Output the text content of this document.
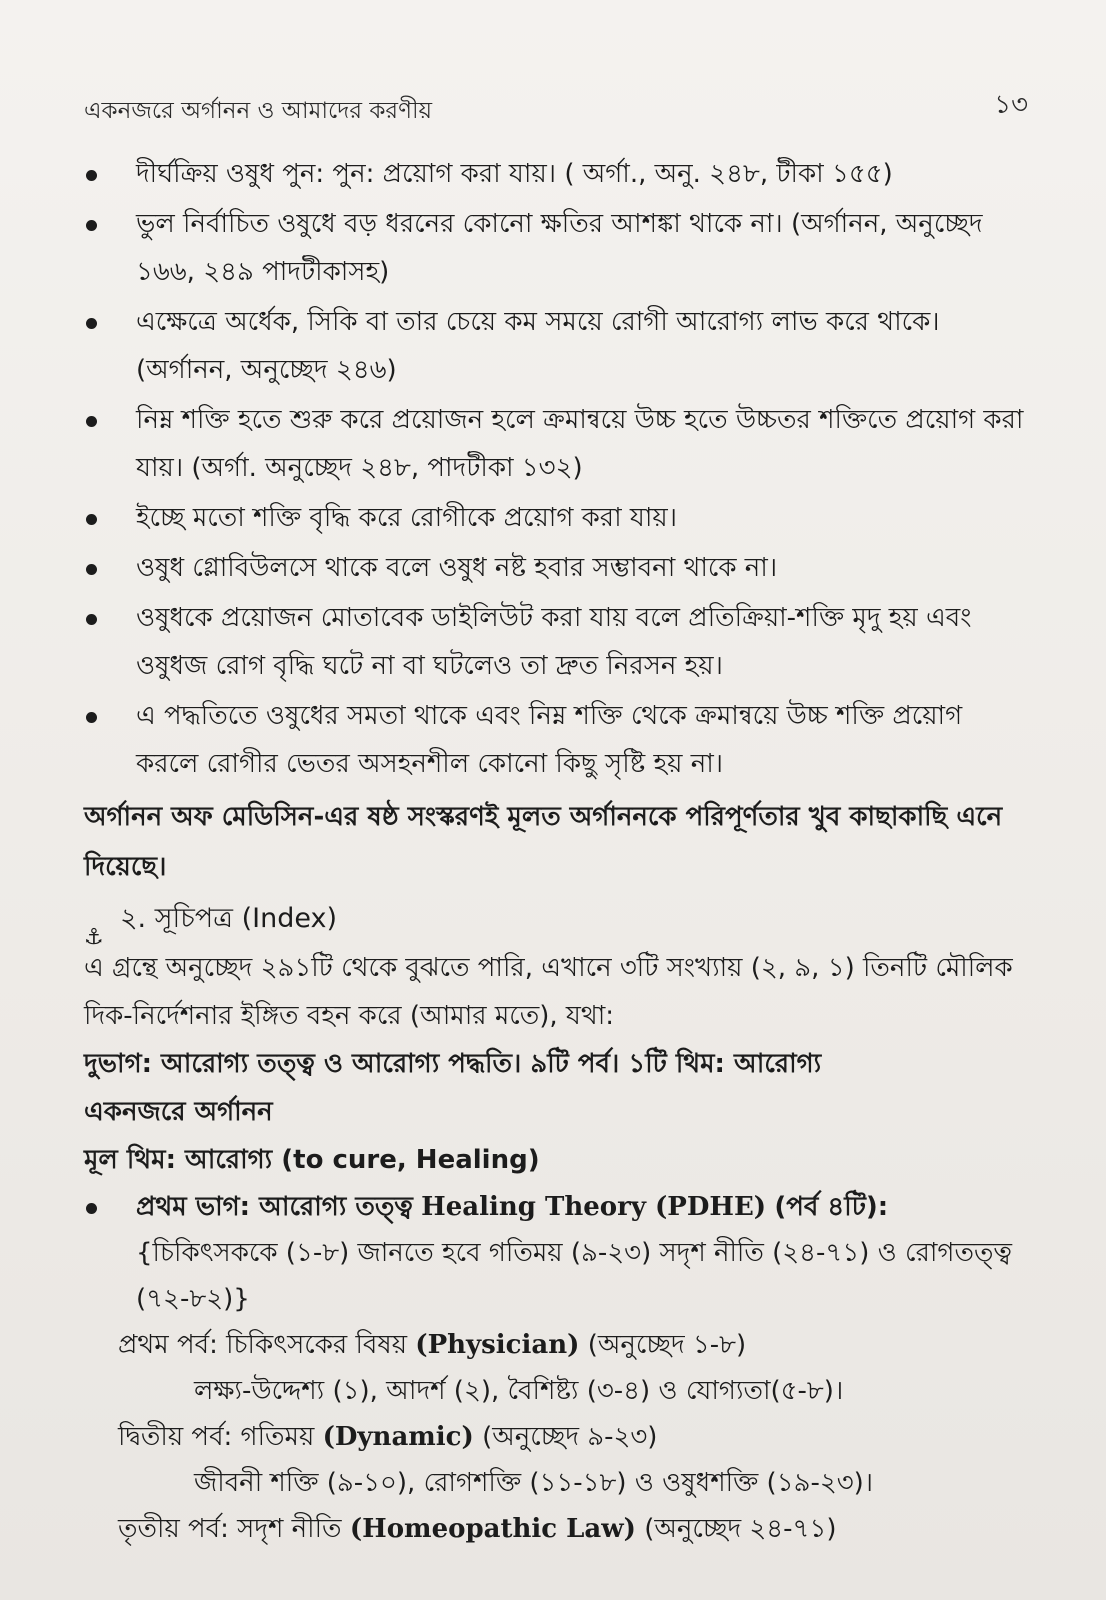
একনজরে অর্গানন ও আমাদের করণীয়	১৩
দীর্ঘক্রিয় ওষুধ পুন: পুন: প্রয়োগ করা যায়। ( অর্গা., অনু. ২৪৮, টীকা ১৫৫)
ভুল নির্বাচিত ওষুধে বড় ধরনের কোনো ক্ষতির আশঙ্কা থাকে না। (অর্গানন, অনুচ্ছেদ ১৬৬, ২৪৯ পাদটীকাসহ)
এক্ষেত্রে অর্ধেক, সিকি বা তার চেয়ে কম সময়ে রোগী আরোগ্য লাভ করে থাকে। (অর্গানন, অনুচ্ছেদ ২৪৬)
নিম্ন শক্তি হতে শুরু করে প্রয়োজন হলে ক্রমান্বয়ে উচ্চ হতে উচ্চতর শক্তিতে প্রয়োগ করা যায়। (অর্গা. অনুচ্ছেদ ২৪৮, পাদটীকা ১৩২)
ইচ্ছে মতো শক্তি বৃদ্ধি করে রোগীকে প্রয়োগ করা যায়।
ওষুধ গ্লোবিউলসে থাকে বলে ওষুধ নষ্ট হবার সম্ভাবনা থাকে না।
ওষুধকে প্রয়োজন মোতাবেক ডাইলিউট করা যায় বলে প্রতিক্রিয়া-শক্তি মৃদু হয় এবং ওষুধজ রোগ বৃদ্ধি ঘটে না বা ঘটলেও তা দ্রুত নিরসন হয়।
এ পদ্ধতিতে ওষুধের সমতা থাকে এবং নিম্ন শক্তি থেকে ক্রমান্বয়ে উচ্চ শক্তি প্রয়োগ করলে রোগীর ভেতর অসহনশীল কোনো কিছু সৃষ্টি হয় না।
অর্গানন অফ মেডিসিন-এর ষষ্ঠ সংস্করণই মূলত অর্গাননকে পরিপূর্ণতার খুব কাছাকাছি এনে দিয়েছে।
⚓২. সূচিপত্র (Index)
এ গ্রন্থে অনুচ্ছেদ ২৯১টি থেকে বুঝতে পারি, এখানে ৩টি সংখ্যায় (২, ৯, ১) তিনটি মৌলিক দিক-নির্দেশনার ইঙ্গিত বহন করে (আমার মতে), যথা:
দুভাগ: আরোগ্য তত্ত্ব ও আরোগ্য পদ্ধতি। ৯টি পর্ব। ১টি থিম: আরোগ্য
একনজরে অর্গানন
মূল থিম: আরোগ্য (to cure, Healing)
প্রথম ভাগ: আরোগ্য তত্ত্ব Healing Theory (PDHE) (পর্ব ৪টি):
{চিকিৎসককে (১-৮) জানতে হবে গতিময় (৯-২৩) সদৃশ নীতি (২৪-৭১) ও রোগতত্ত্ব (৭২-৮২)}
প্রথম পর্ব: চিকিৎসকের বিষয় (Physician) (অনুচ্ছেদ ১-৮)
লক্ষ্য-উদ্দেশ্য (১), আদর্শ (২), বৈশিষ্ট্য (৩-৪) ও যোগ্যতা(৫-৮)।
দ্বিতীয় পর্ব: গতিময় (Dynamic) (অনুচ্ছেদ ৯-২৩)
জীবনী শক্তি (৯-১০), রোগশক্তি (১১-১৮) ও ওষুধশক্তি (১৯-২৩)।
তৃতীয় পর্ব: সদৃশ নীতি (Homeopathic Law) (অনুচ্ছেদ ২৪-৭১)
